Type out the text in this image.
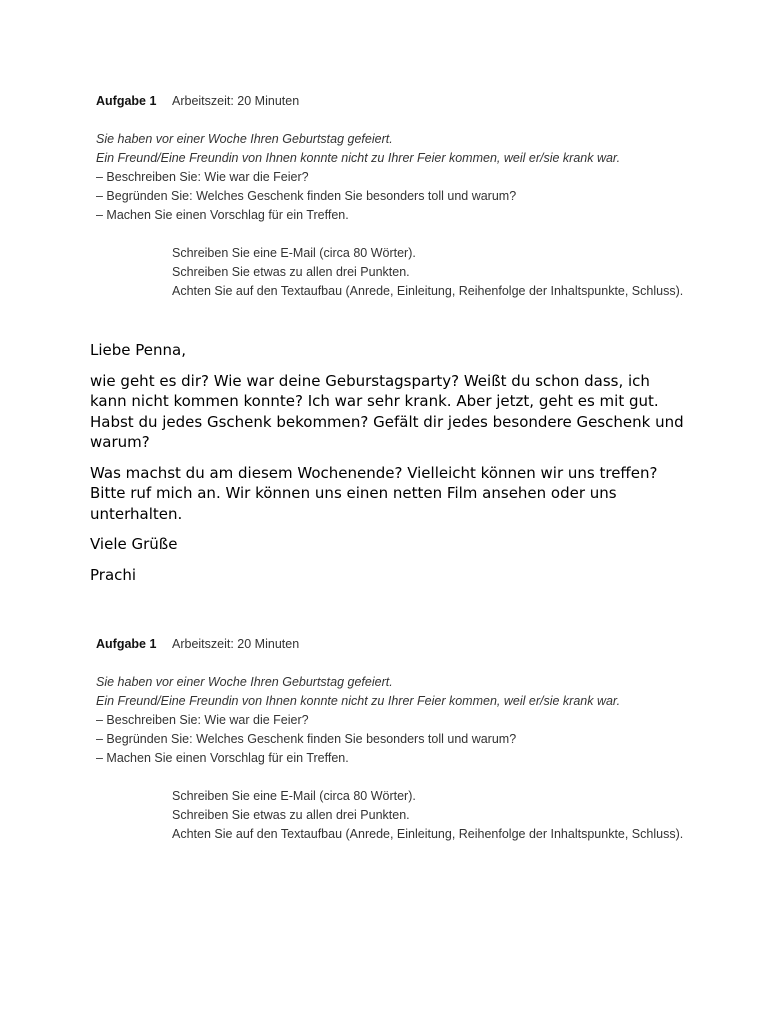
Aufgabe 1	Arbeitszeit: 20 Minuten
Sie haben vor einer Woche Ihren Geburtstag gefeiert.
Ein Freund/Eine Freundin von Ihnen konnte nicht zu Ihrer Feier kommen, weil er/sie krank war.
– Beschreiben Sie: Wie war die Feier?
– Begründen Sie: Welches Geschenk finden Sie besonders toll und warum?
– Machen Sie einen Vorschlag für ein Treffen.
Schreiben Sie eine E-Mail (circa 80 Wörter).
Schreiben Sie etwas zu allen drei Punkten.
Achten Sie auf den Textaufbau (Anrede, Einleitung, Reihenfolge der Inhaltspunkte, Schluss).

Liebe Penna,

wie geht es dir? Wie war deine Geburstagsparty? Weißt du schon dass, ich kann nicht kommen konnte? Ich war sehr krank. Aber jetzt, geht es mit gut. Habst du jedes Gschenk bekommen? Gefält dir jedes besondere Geschenk und warum?

Was machst du am diesem Wochenende? Vielleicht können wir uns treffen? Bitte ruf mich an. Wir können uns einen netten Film ansehen oder uns unterhalten.

Viele Grüße

Prachi

Aufgabe 1	Arbeitszeit: 20 Minuten
Sie haben vor einer Woche Ihren Geburtstag gefeiert.
Ein Freund/Eine Freundin von Ihnen konnte nicht zu Ihrer Feier kommen, weil er/sie krank war.
– Beschreiben Sie: Wie war die Feier?
– Begründen Sie: Welches Geschenk finden Sie besonders toll und warum?
– Machen Sie einen Vorschlag für ein Treffen.
Schreiben Sie eine E-Mail (circa 80 Wörter).
Schreiben Sie etwas zu allen drei Punkten.
Achten Sie auf den Textaufbau (Anrede, Einleitung, Reihenfolge der Inhaltspunkte, Schluss).
